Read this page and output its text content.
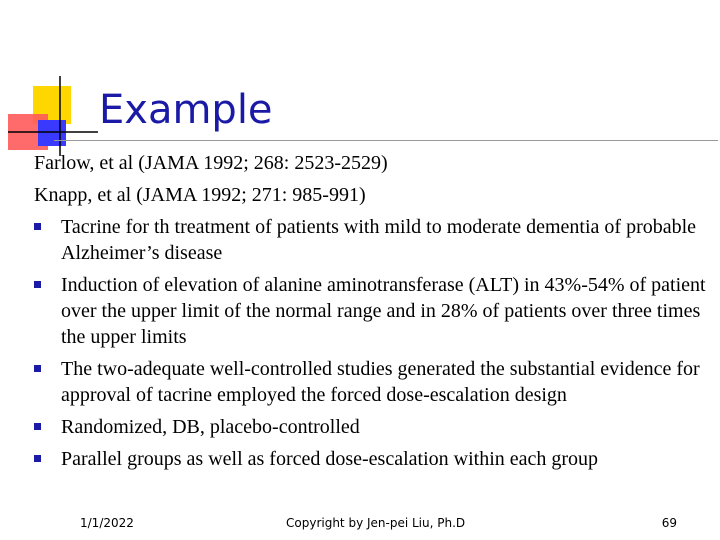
Example
Farlow, et al (JAMA 1992; 268: 2523-2529)
Knapp, et al (JAMA 1992; 271: 985-991)
Tacrine for th treatment of patients with mild to moderate dementia of probable Alzheimer’s disease
Induction of elevation of alanine aminotransferase (ALT) in 43%-54% of patient over the upper limit of the normal range and in 28% of patients over three times the upper limits
The two-adequate well-controlled studies generated the substantial evidence for approval of tacrine employed the forced dose-escalation design
Randomized, DB, placebo-controlled
Parallel groups as well as forced dose-escalation within each group
1/1/2022	Copyright by Jen-pei Liu, Ph.D	69
